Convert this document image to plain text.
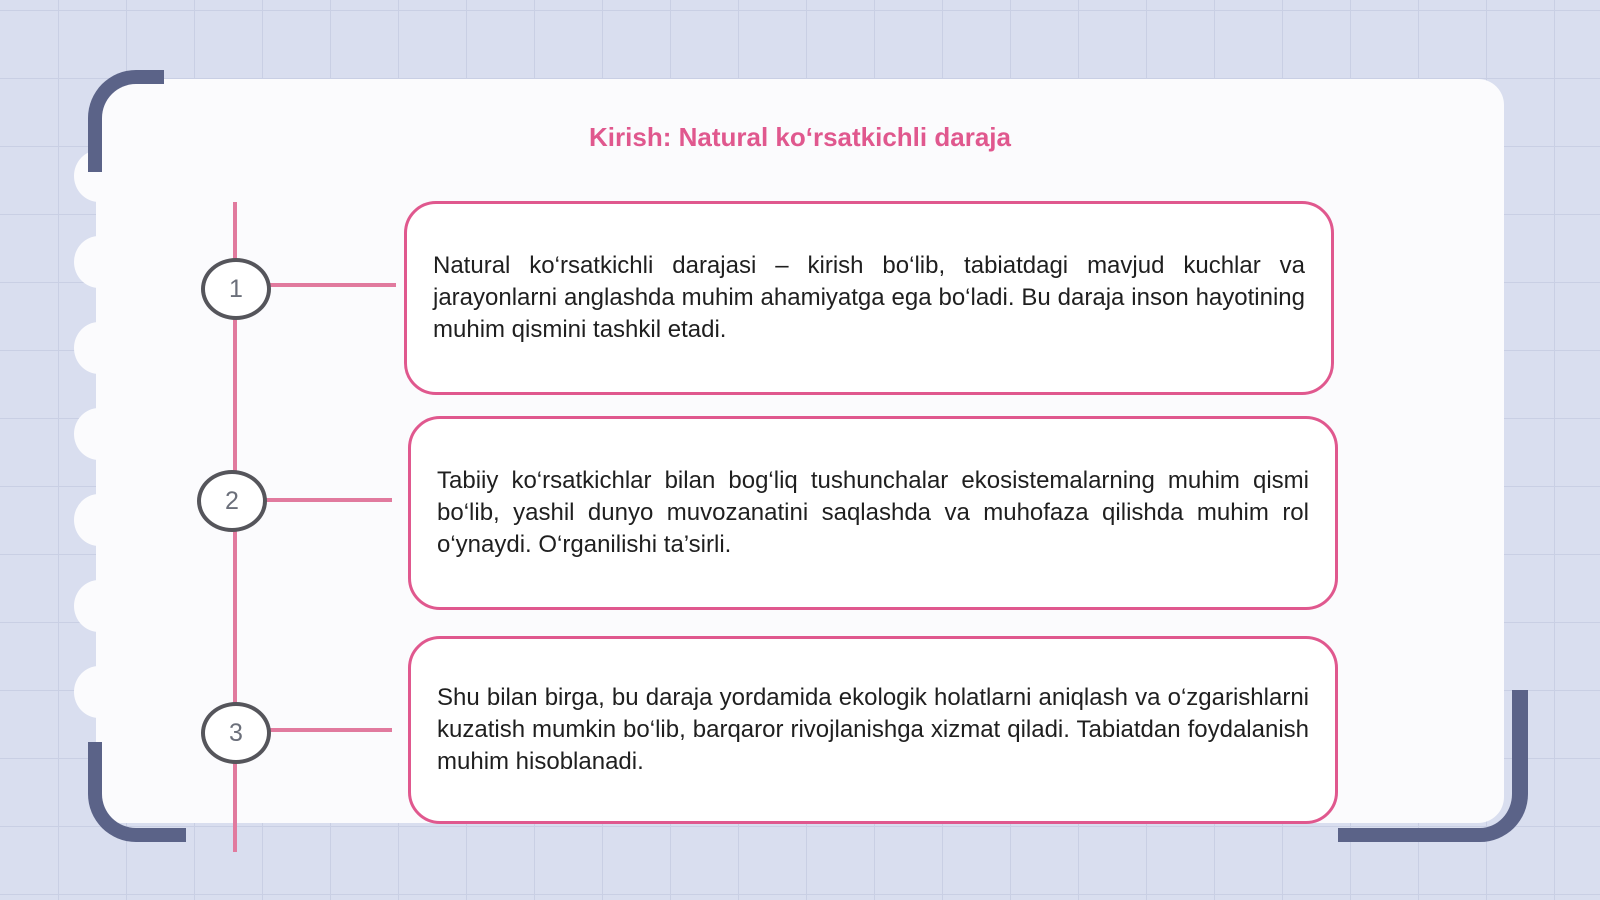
Kirish: Natural ko‘rsatkichli daraja
1
2
3

Natural ko‘rsatkichli darajasi – kirish bo‘lib, tabiatdagi mavjud kuchlar va jarayonlarni anglashda muhim ahamiyatga ega bo‘ladi. Bu daraja inson hayotining muhim qismini tashkil etadi.

Tabiiy ko‘rsatkichlar bilan bog‘liq tushunchalar ekosistemalarning muhim qismi bo‘lib, yashil dunyo muvozanatini saqlashda va muhofaza qilishda muhim rol o‘ynaydi. O‘rganilishi ta’sirli.

Shu bilan birga, bu daraja yordamida ekologik holatlarni aniqlash va o‘zgarishlarni kuzatish mumkin bo‘lib, barqaror rivojlanishga xizmat qiladi. Tabiatdan foydalanish muhim hisoblanadi.
